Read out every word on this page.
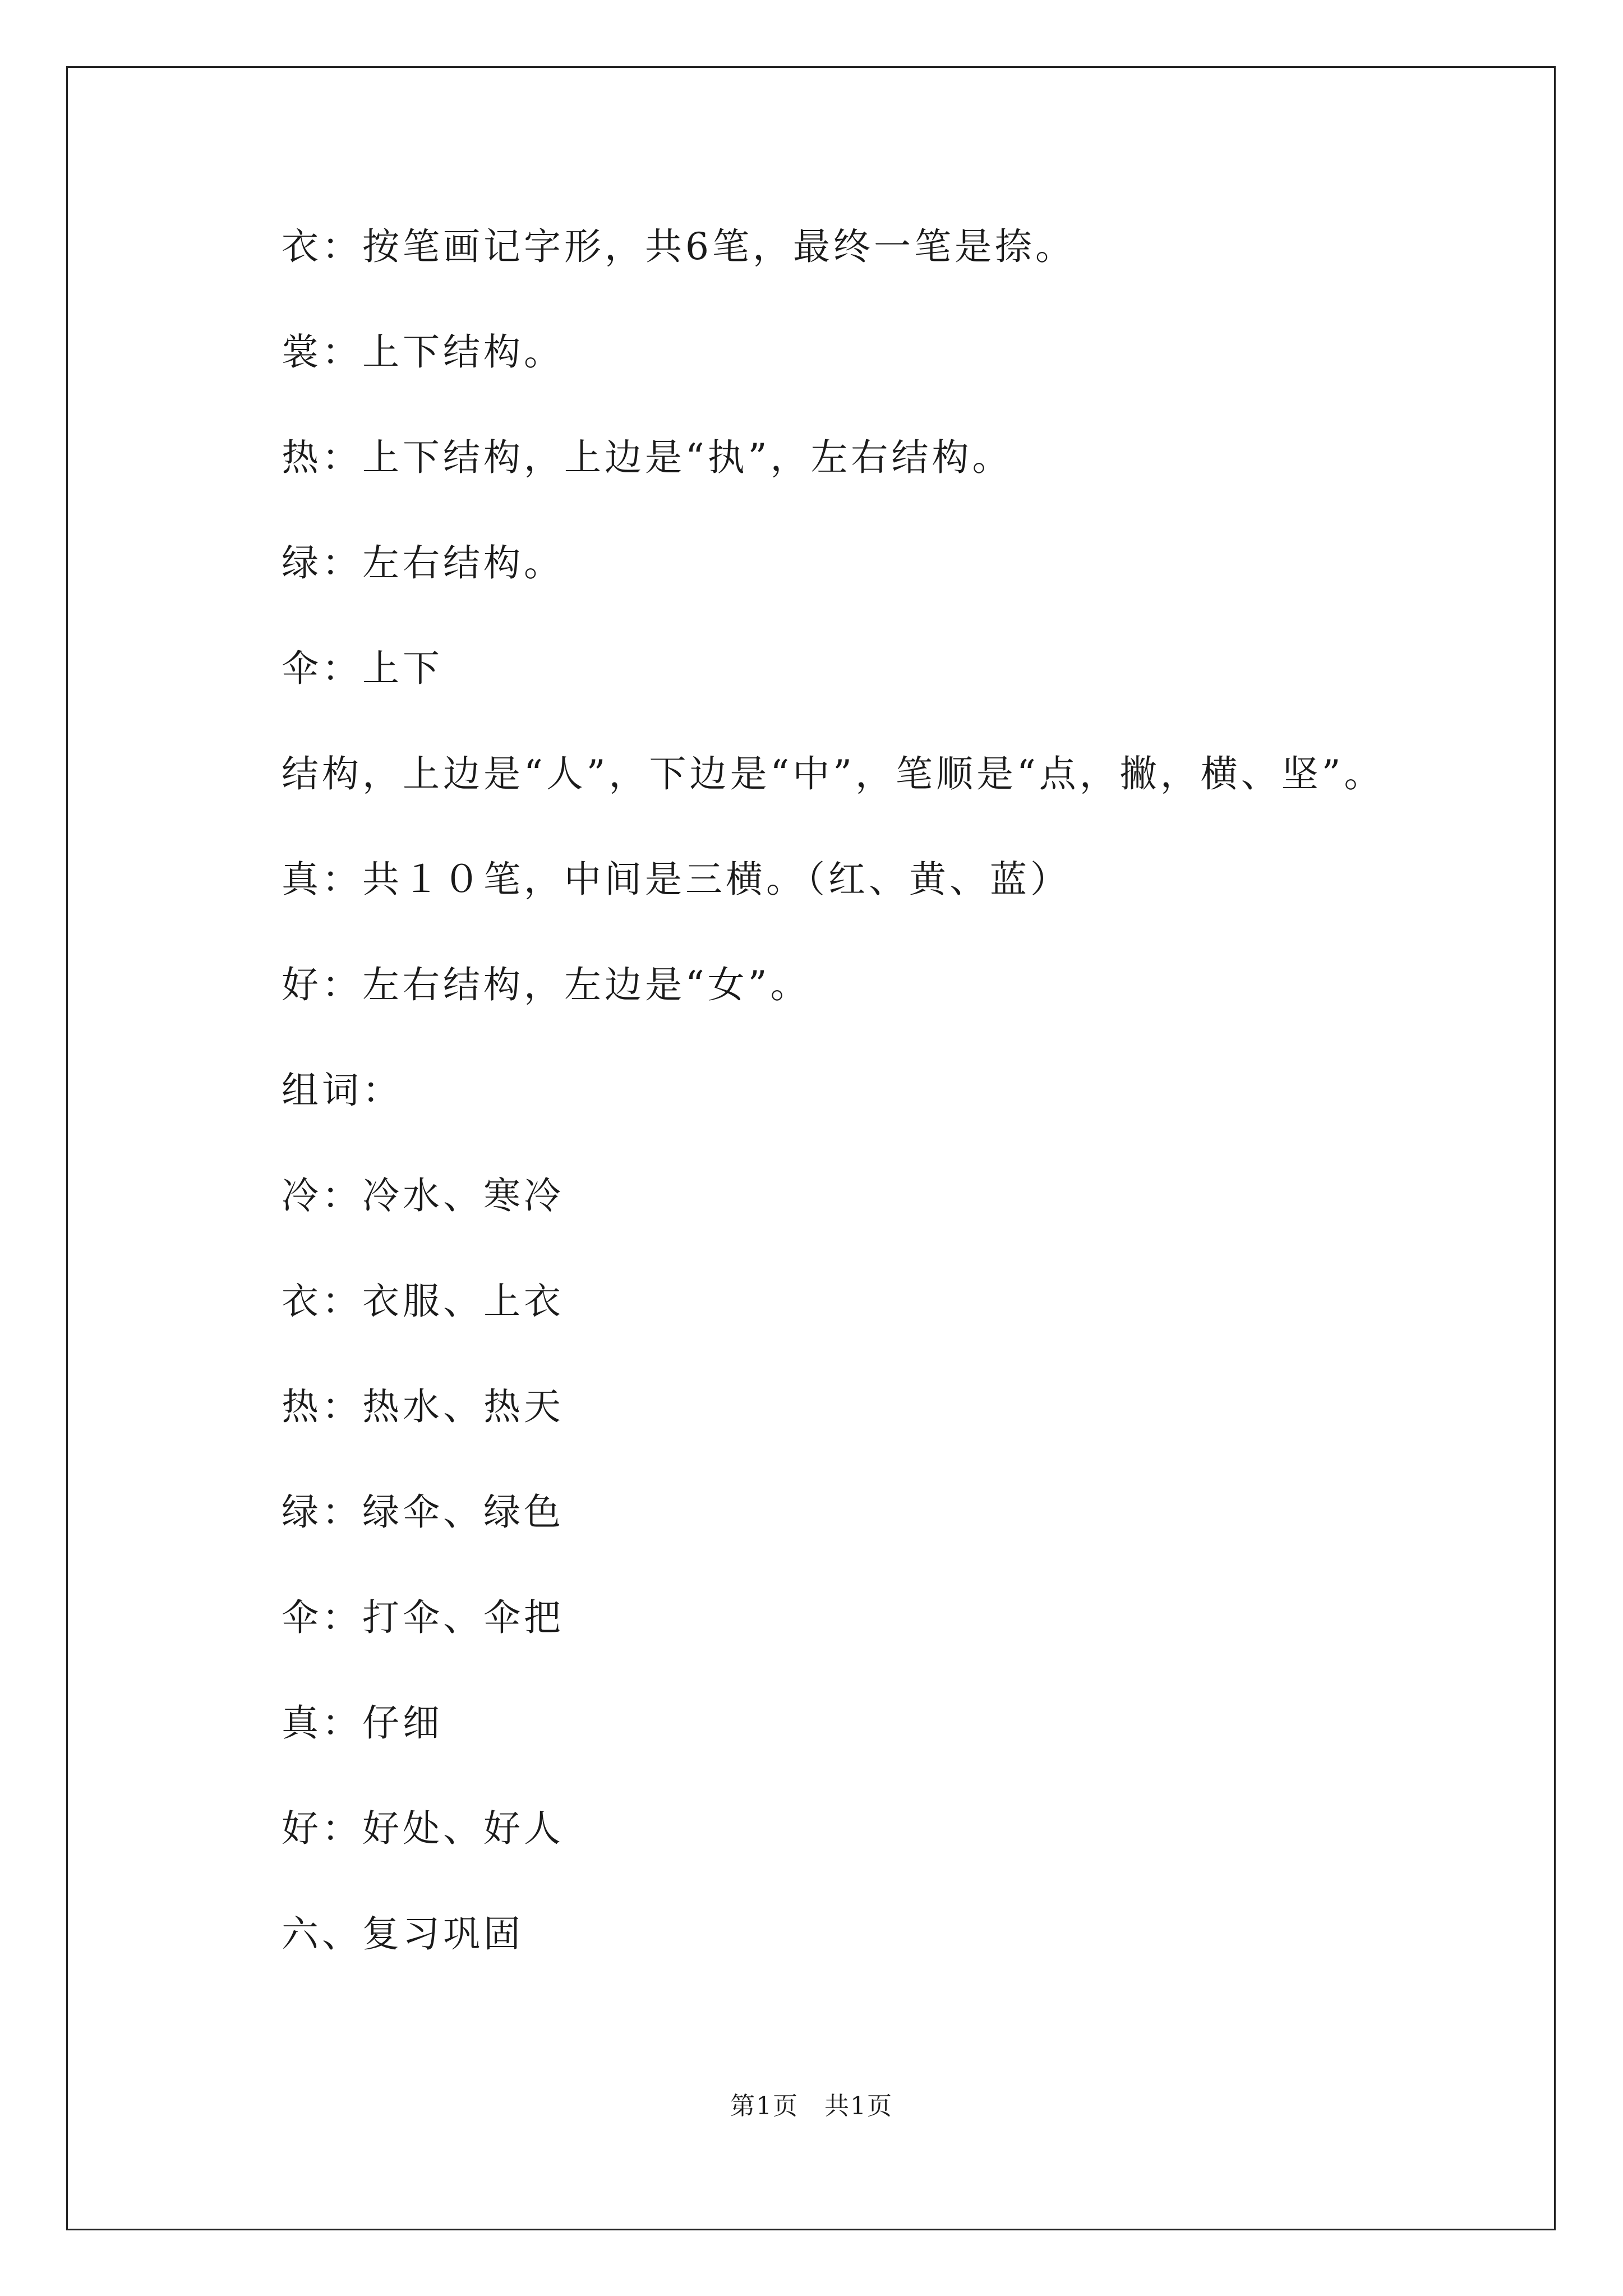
衣：按笔画记字形，共6笔，最终一笔是捺。
裳：上下结构。
热：上下结构，上边是“执”，左右结构。
绿：左右结构。
伞：上下
结构，上边是“人”，下边是“中”，笔顺是“点，撇，横、坚”。
真：共１０笔，中间是三横。（红、黄、蓝）
好：左右结构，左边是“女”。
组词：
冷：冷水、寒冷
衣：衣服、上衣
热：热水、热天
绿：绿伞、绿色
伞：打伞、伞把
真：仔细
好：好处、好人
六、复习巩固
第1页　共1页
